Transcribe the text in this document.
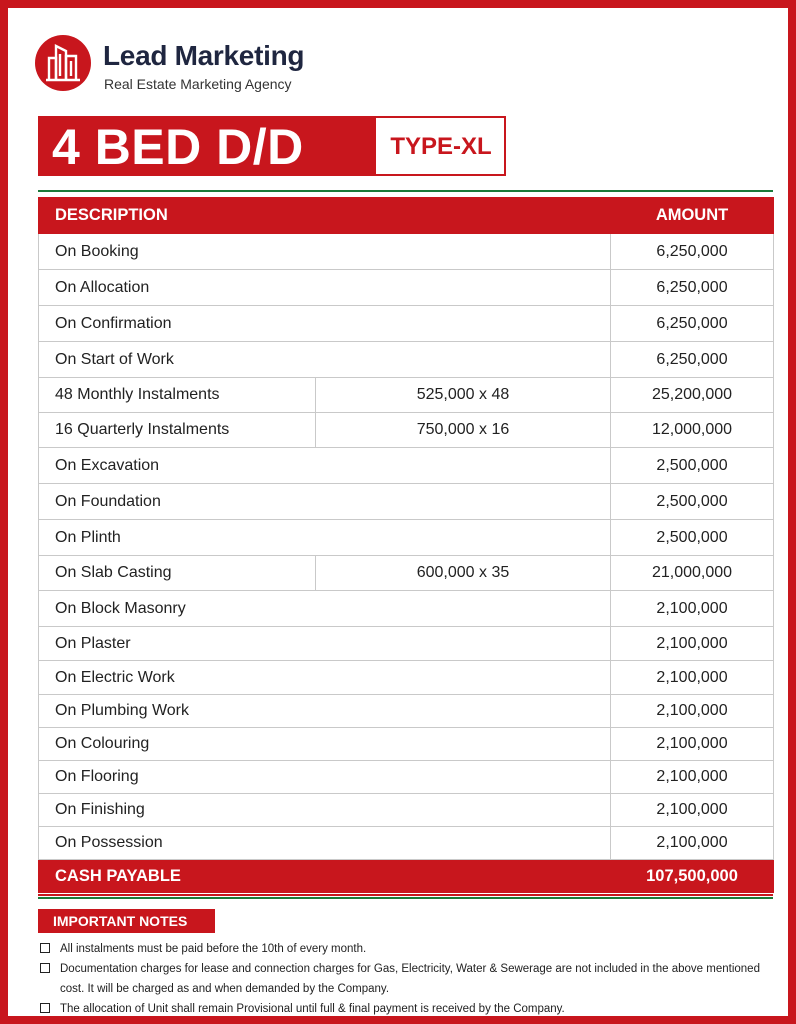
Lead Marketing
Real Estate Marketing Agency
4 BED D/D	TYPE-XL
DESCRIPTION		AMOUNT
On Booking		6,250,000
On Allocation		6,250,000
On Confirmation		6,250,000
On Start of Work		6,250,000
48 Monthly Instalments	525,000 x 48	25,200,000
16 Quarterly Instalments	750,000 x 16	12,000,000
On Excavation		2,500,000
On Foundation		2,500,000
On Plinth		2,500,000
On Slab Casting	600,000 x 35	21,000,000
On Block Masonry		2,100,000
On Plaster		2,100,000
On Electric Work		2,100,000
On Plumbing Work		2,100,000
On Colouring		2,100,000
On Flooring		2,100,000
On Finishing		2,100,000
On Possession		2,100,000
CASH PAYABLE		107,500,000
IMPORTANT NOTES
All instalments must be paid before the 10th of every month.
Documentation charges for lease and connection charges for Gas, Electricity, Water & Sewerage are not included in the above mentioned cost. It will be charged as and when demanded by the Company.
The allocation of Unit shall remain Provisional until full & final payment is received by the Company.
